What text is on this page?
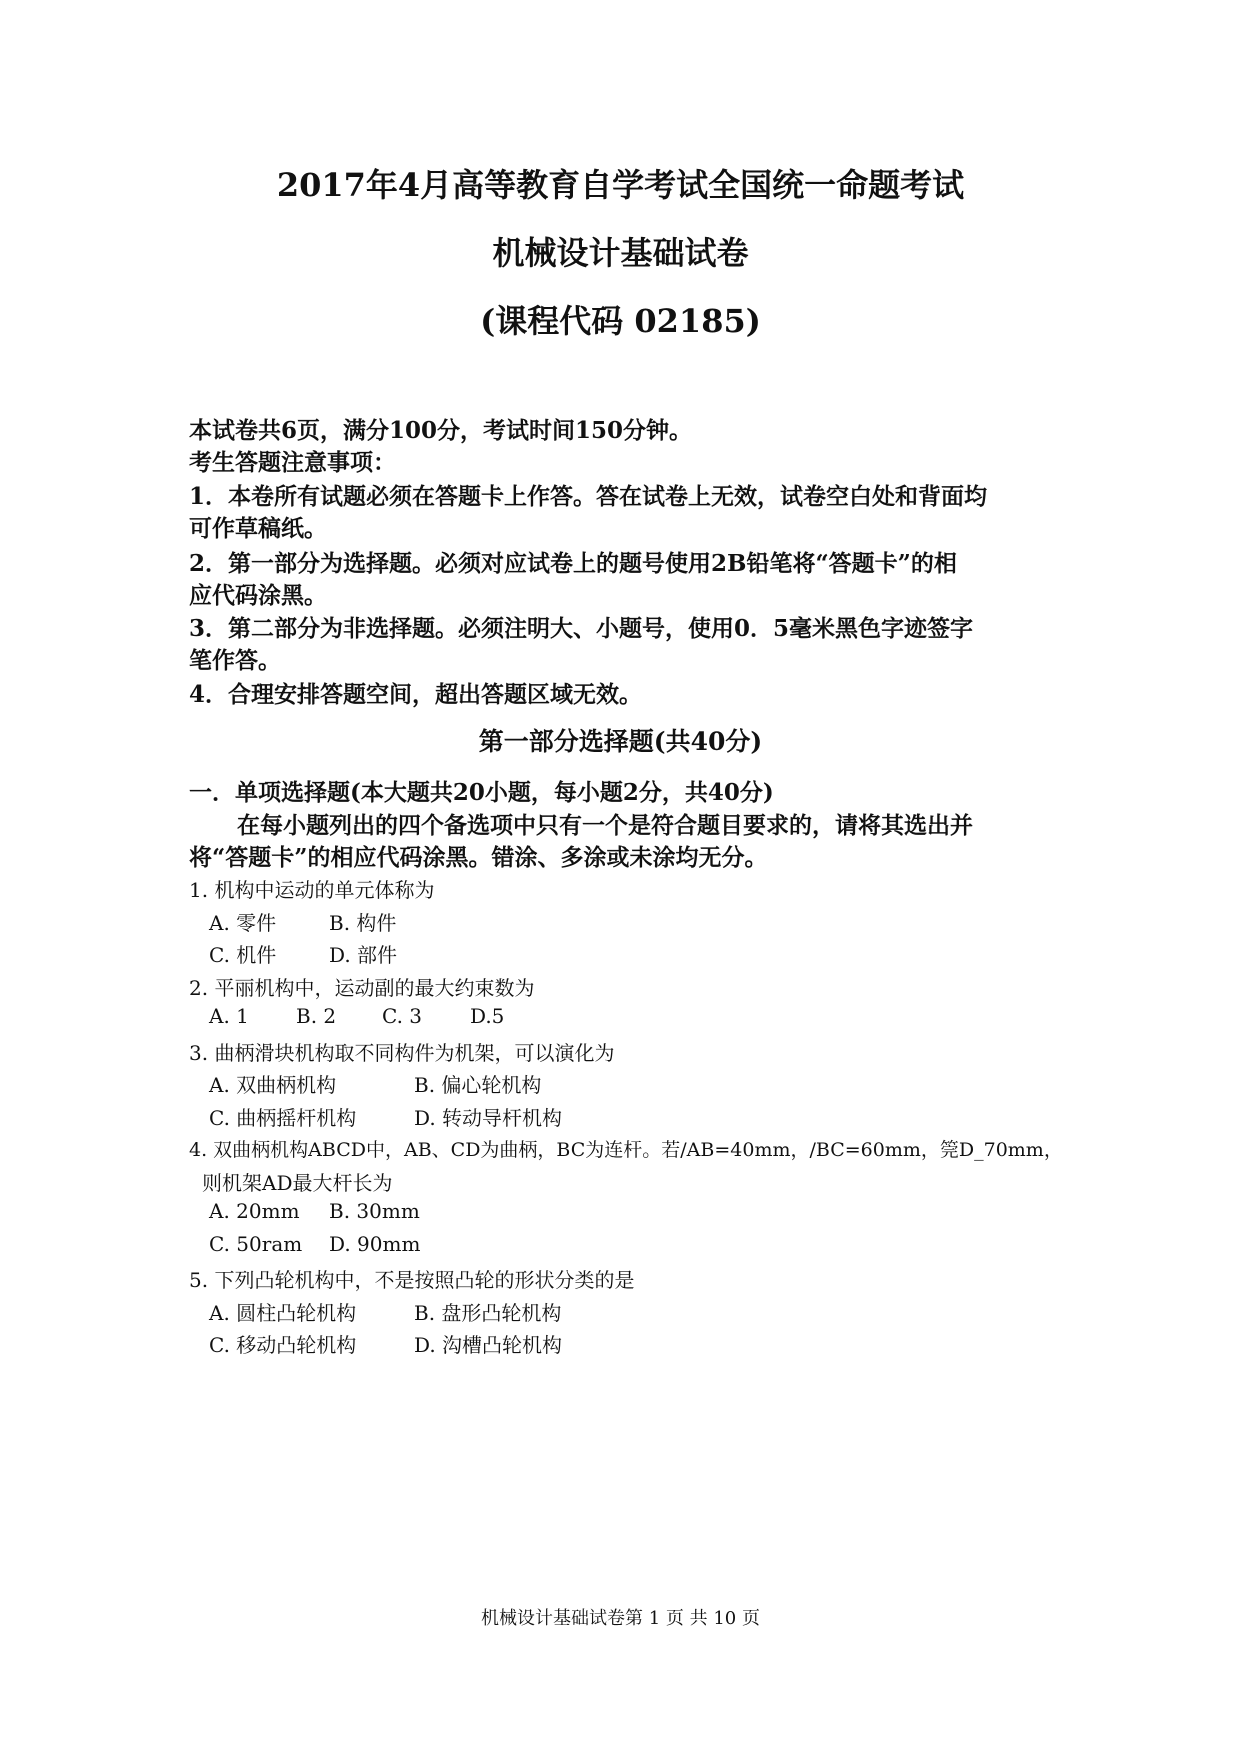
2017年4月高等教育自学考试全国统一命题考试
机械设计基础试卷
(课程代码 02185)
本试卷共6页，满分100分，考试时间150分钟。
考生答题注意事项：
1．本卷所有试题必须在答题卡上作答。答在试卷上无效，试卷空白处和背面均
可作草稿纸。
2．第一部分为选择题。必须对应试卷上的题号使用2B铅笔将“答题卡”的相
应代码涂黑。
3．第二部分为非选择题。必须注明大、小题号，使用0．5毫米黑色字迹签字
笔作答。
4．合理安排答题空间，超出答题区域无效。
第一部分选择题(共40分)
一．单项选择题(本大题共20小题，每小题2分，共40分)
在每小题列出的四个备选项中只有一个是符合题目要求的，请将其选出并
将“答题卡”的相应代码涂黑。错涂、多涂或未涂均无分。
1. 机构中运动的单元体称为
A. 零件	B. 构件
C. 机件	D. 部件
2. 平丽机构中，运动副的最大约束数为
A. 1 B. 2 C. 3 D.5
3. 曲柄滑块机构取不同构件为机架，可以演化为
A. 双曲柄机构	B. 偏心轮机构
C. 曲柄摇杆机构	D. 转动导杆机构
4. 双曲柄机构ABCD中，AB、CD为曲柄，BC为连杆。若/AB=40mm，/BC=60mm，筦D_70mm，
则机架AD最大杆长为
A. 20mm B. 30mm
C. 50ram D. 90mm
5. 下列凸轮机构中，不是按照凸轮的形状分类的是
A. 圆柱凸轮机构	B. 盘形凸轮机构
C. 移动凸轮机构	D. 沟槽凸轮机构
机械设计基础试卷第 1 页 共 10 页
